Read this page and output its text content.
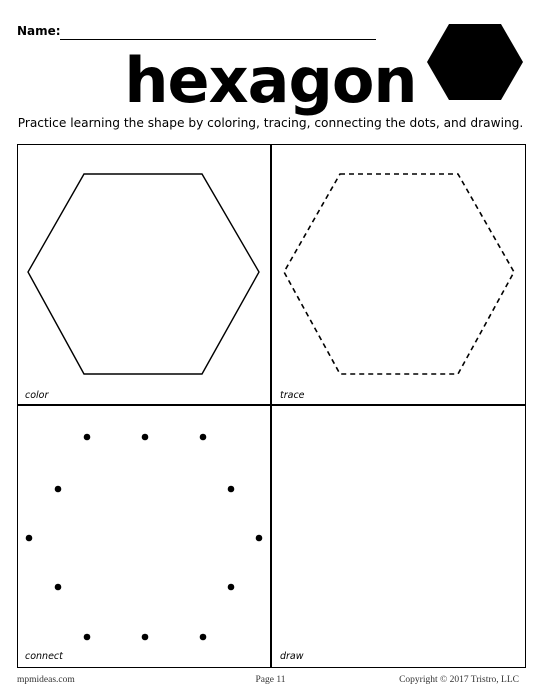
Name:
hexagon
Practice learning the shape by coloring, tracing, connecting the dots, and drawing.
color	trace
connect	draw
mpmideas.com	Page 11	Copyright © 2017 Tristro, LLC
